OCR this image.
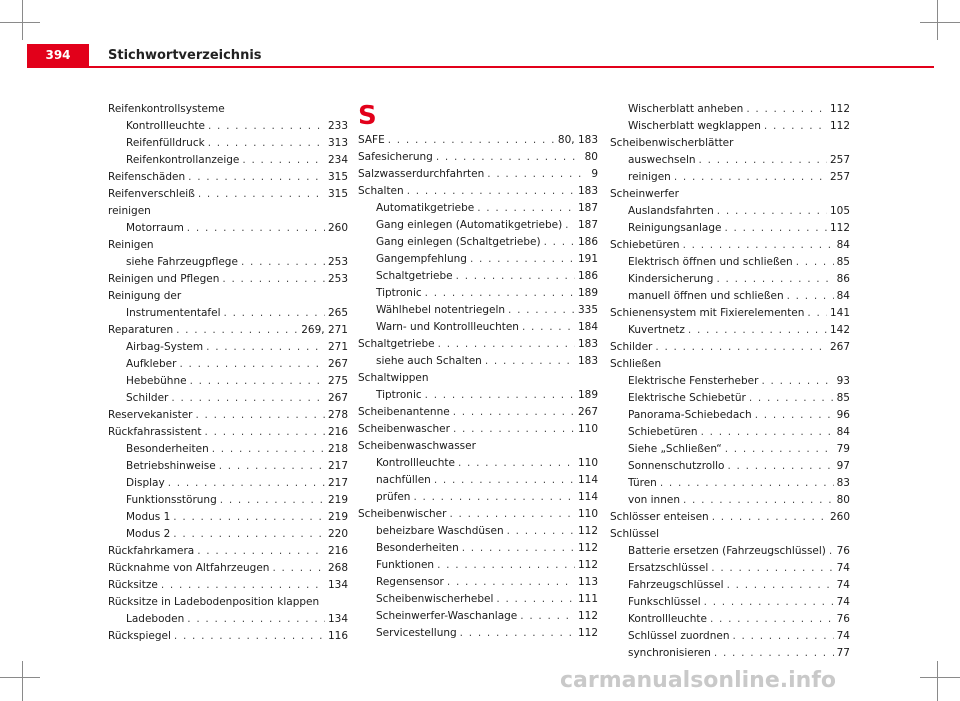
394	Stichwortverzeichnis
Reifenkontrollsysteme
Kontrollleuchte . . .	233
Reifenfülldruck . . .	313
Reifenkontrollanzeige . . .	234
Reifenschäden . . .	315
Reifenverschleiß . . .	315
reinigen
Motorraum . . .	260
Reinigen
siehe Fahrzeugpflege . . .	253
Reinigen und Pflegen . . .	253
Reinigung der
Instrumententafel . . .	265
Reparaturen . . .	269, 271
Airbag-System . . .	271
Aufkleber . . .	267
Hebebühne . . .	275
Schilder . . .	267
Reservekanister . . .	278
Rückfahrassistent . . .	216
Besonderheiten . . .	218
Betriebshinweise . . .	217
Display . . .	217
Funktionsstörung . . .	219
Modus 1 . . .	219
Modus 2 . . .	220
Rückfahrkamera . . .	216
Rücknahme von Altfahrzeugen . . .	268
Rücksitze . . .	134
Rücksitze in Ladebodenposition klappen
Ladeboden . . .	134
Rückspiegel . . .	116
S
SAFE . . .	80, 183
Safesicherung . . .	80
Salzwasserdurchfahrten . . .	9
Schalten . . .	183
Automatikgetriebe . . .	187
Gang einlegen (Automatikgetriebe) . . . 187
Gang einlegen (Schaltgetriebe) . . .	186
Gangempfehlung . . .	191
Schaltgetriebe . . .	186
Tiptronic . . .	189
Wählhebel notentriegeln . . .	335
Warn- und Kontrollleuchten . . .	184
Schaltgetriebe . . .	183
siehe auch Schalten . . .	183
Schaltwippen
Tiptronic . . .	189
Scheibenantenne . . .	267
Scheibenwascher . . .	110
Scheibenwaschwasser
Kontrollleuchte . . .	110
nachfüllen . . .	114
prüfen . . .	114
Scheibenwischer . . .	110
beheizbare Waschdüsen . . .	112
Besonderheiten . . .	112
Funktionen . . .	112
Regensensor . . .	113
Scheibenwischerhebel . . .	111
Scheinwerfer-Waschanlage . . .	112
Servicestellung . . .	112
Wischerblatt anheben . . .	112
Wischerblatt wegklappen . . .	112
Scheibenwischerblätter
auswechseln . . .	257
reinigen . . .	257
Scheinwerfer
Auslandsfahrten . . .	105
Reinigungsanlage . . .	112
Schiebetüren . . .	84
Elektrisch öffnen und schließen . . .	85
Kindersicherung . . .	86
manuell öffnen und schließen . . .	84
Schienensystem mit Fixierelementen . . . 141
Kuvertnetz . . .	142
Schilder . . .	267
Schließen
Elektrische Fensterheber . . .	93
Elektrische Schiebetür . . .	85
Panorama-Schiebedach . . .	96
Schiebetüren . . .	84
Siehe „Schließen“ . . .	79
Sonnenschutzrollo . . .	97
Türen . . .	83
von innen . . .	80
Schlösser enteisen . . .	260
Schlüssel
Batterie ersetzen (Fahrzeugschlüssel) . . . 76
Ersatzschlüssel . . .	74
Fahrzeugschlüssel . . .	74
Funkschlüssel . . .	74
Kontrollleuchte . . .	76
Schlüssel zuordnen . . .	74
synchronisieren . . .	77
carmanualsonline.info
